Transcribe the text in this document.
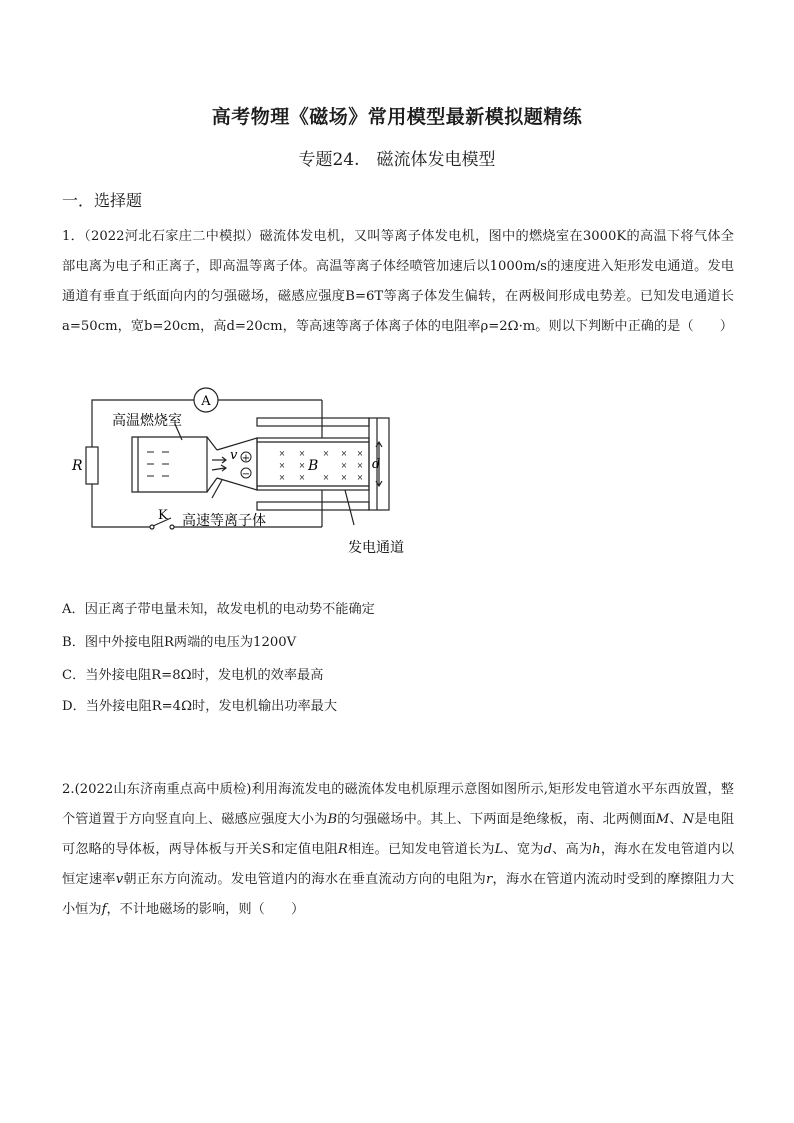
高考物理《磁场》常用模型最新模拟题精练
专题24.　磁流体发电模型
一．选择题
1．（2022河北石家庄二中模拟）磁流体发电机，又叫等离子体发电机，图中的燃烧室在3000K的高温下将气体全部电离为电子和正离子，即高温等离子体。高温等离子体经喷管加速后以1000m/s的速度进入矩形发电通道。发电通道有垂直于纸面向内的匀强磁场，磁感应强度B=6T等离子体发生偏转，在两极间形成电势差。已知发电通道长a=50cm，宽b=20cm，高d=20cm，等高速等离子体离子体的电阻率ρ=2Ω·m。则以下判断中正确的是（　　）
× × × × ×
× ×	× ×
× × × × ×
+
−
A
R
K
高温燃烧室
高速等离子体
发电通道
v
B	d
A．因正离子带电量未知，故发电机的电动势不能确定
B．图中外接电阻R两端的电压为1200V
C．当外接电阻R=8Ω时，发电机的效率最高
D．当外接电阻R=4Ω时，发电机输出功率最大
2.(2022山东济南重点高中质检)利用海流发电的磁流体发电机原理示意图如图所示,矩形发电管道水平东西放置，整个管道置于方向竖直向上、磁感应强度大小为B的匀强磁场中。其上、下两面是绝缘板，南、北两侧面M、N是电阻可忽略的导体板，两导体板与开关S和定值电阻R相连。已知发电管道长为L、宽为d、高为h，海水在发电管道内以恒定速率v朝正东方向流动。发电管道内的海水在垂直流动方向的电阻为r，海水在管道内流动时受到的摩擦阻力大小恒为f，不计地磁场的影响，则（　　）
